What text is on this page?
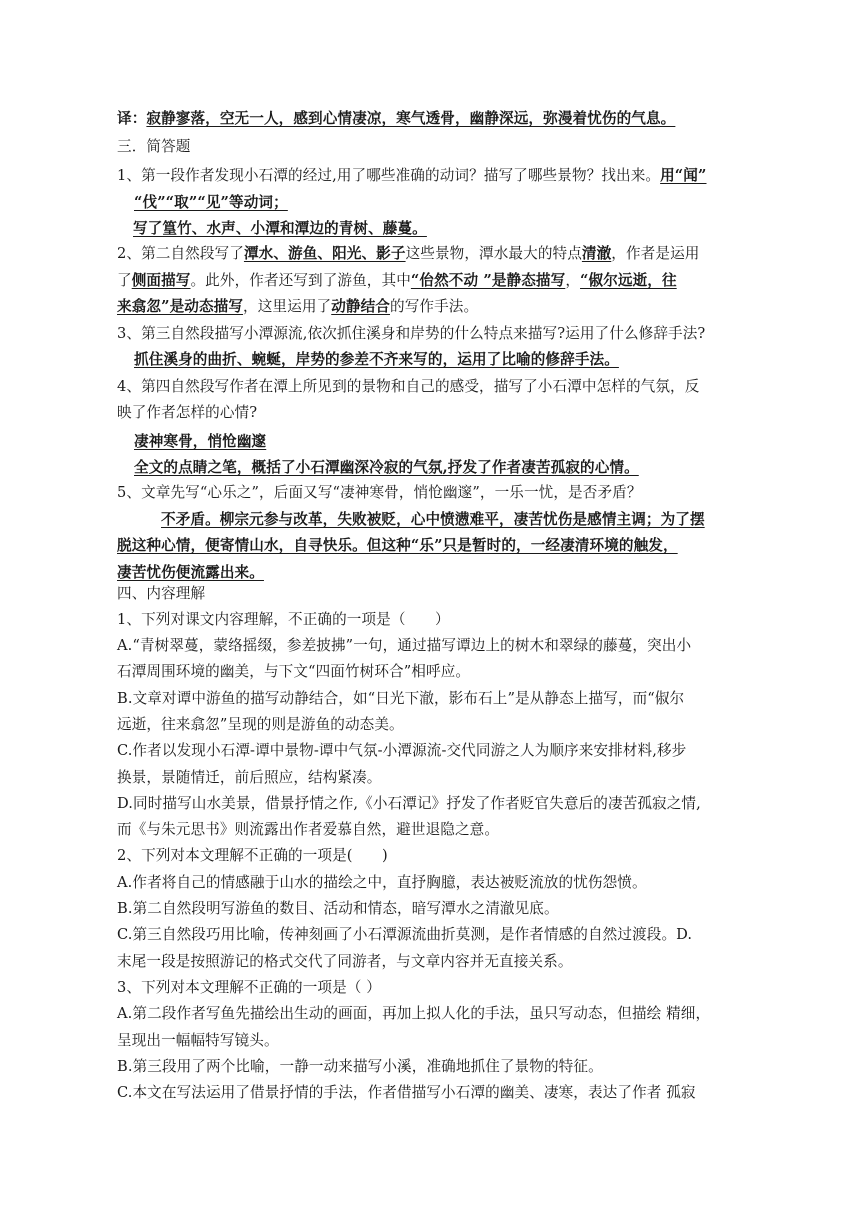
译：寂静寥落，空无一人，感到心情凄凉，寒气透骨，幽静深远，弥漫着忧伤的气息。
三．简答题
1、第一段作者发现小石潭的经过,用了哪些准确的动词？描写了哪些景物？找出来。用“闻”
“伐”“取”“见”等动词；
写了篁竹、水声、小潭和潭边的青树、藤蔓。
2、第二自然段写了潭水、游鱼、阳光、影子这些景物，潭水最大的特点清澈，作者是运用
了侧面描写。此外，作者还写到了游鱼，其中“佁然不动 ”是静态描写，“俶尔远逝，往
来翕忽”是动态描写，这里运用了动静结合的写作手法。
3、第三自然段描写小潭源流,依次抓住溪身和岸势的什么特点来描写?运用了什么修辞手法?
抓住溪身的曲折、蜿蜒，岸势的参差不齐来写的，运用了比喻的修辞手法。
4、第四自然段写作者在潭上所见到的景物和自己的感受，描写了小石潭中怎样的气氛，反
映了作者怎样的心情?
凄神寒骨，悄怆幽邃
全文的点睛之笔，概括了小石潭幽深冷寂的气氛,抒发了作者凄苦孤寂的心情。
5、文章先写“心乐之”，后面又写“凄神寒骨，悄怆幽邃”，一乐一忧，是否矛盾？
不矛盾。柳宗元参与改革，失败被贬，心中愤懑难平，凄苦忧伤是感情主调；为了摆
脱这种心情，便寄情山水，自寻快乐。但这种“乐”只是暂时的，一经凄清环境的触发，
凄苦忧伤便流露出来。
四、内容理解
1、下列对课文内容理解，不正确的一项是（　　）
A.“青树翠蔓，蒙络摇缀，参差披拂”一句，通过描写谭边上的树木和翠绿的藤蔓，突出小
石潭周围环境的幽美，与下文“四面竹树环合”相呼应。
B.文章对谭中游鱼的描写动静结合，如“日光下澈，影布石上”是从静态上描写，而“俶尔
远逝，往来翕忽”呈现的则是游鱼的动态美。
C.作者以发现小石潭-谭中景物-谭中气氛-小潭源流-交代同游之人为顺序来安排材料,移步
换景，景随情迁，前后照应，结构紧凑。
D.同时描写山水美景，借景抒情之作,《小石潭记》抒发了作者贬官失意后的凄苦孤寂之情,
而《与朱元思书》则流露出作者爱慕自然，避世退隐之意。
2、下列对本文理解不正确的一项是(　　)
A.作者将自己的情感融于山水的描绘之中，直抒胸臆，表达被贬流放的忧伤怨愤。
B.第二自然段明写游鱼的数目、活动和情态，暗写潭水之清澈见底。
C.第三自然段巧用比喻，传神刻画了小石潭源流曲折莫测，是作者情感的自然过渡段。D.
末尾一段是按照游记的格式交代了同游者，与文章内容并无直接关系。
3、下列对本文理解不正确的一项是（ ）
A.第二段作者写鱼先描绘出生动的画面，再加上拟人化的手法，虽只写动态，但描绘 精细，
呈现出一幅幅特写镜头。
B.第三段用了两个比喻，一静一动来描写小溪，准确地抓住了景物的特征。
C.本文在写法运用了借景抒情的手法，作者借描写小石潭的幽美、凄寒，表达了作者 孤寂
